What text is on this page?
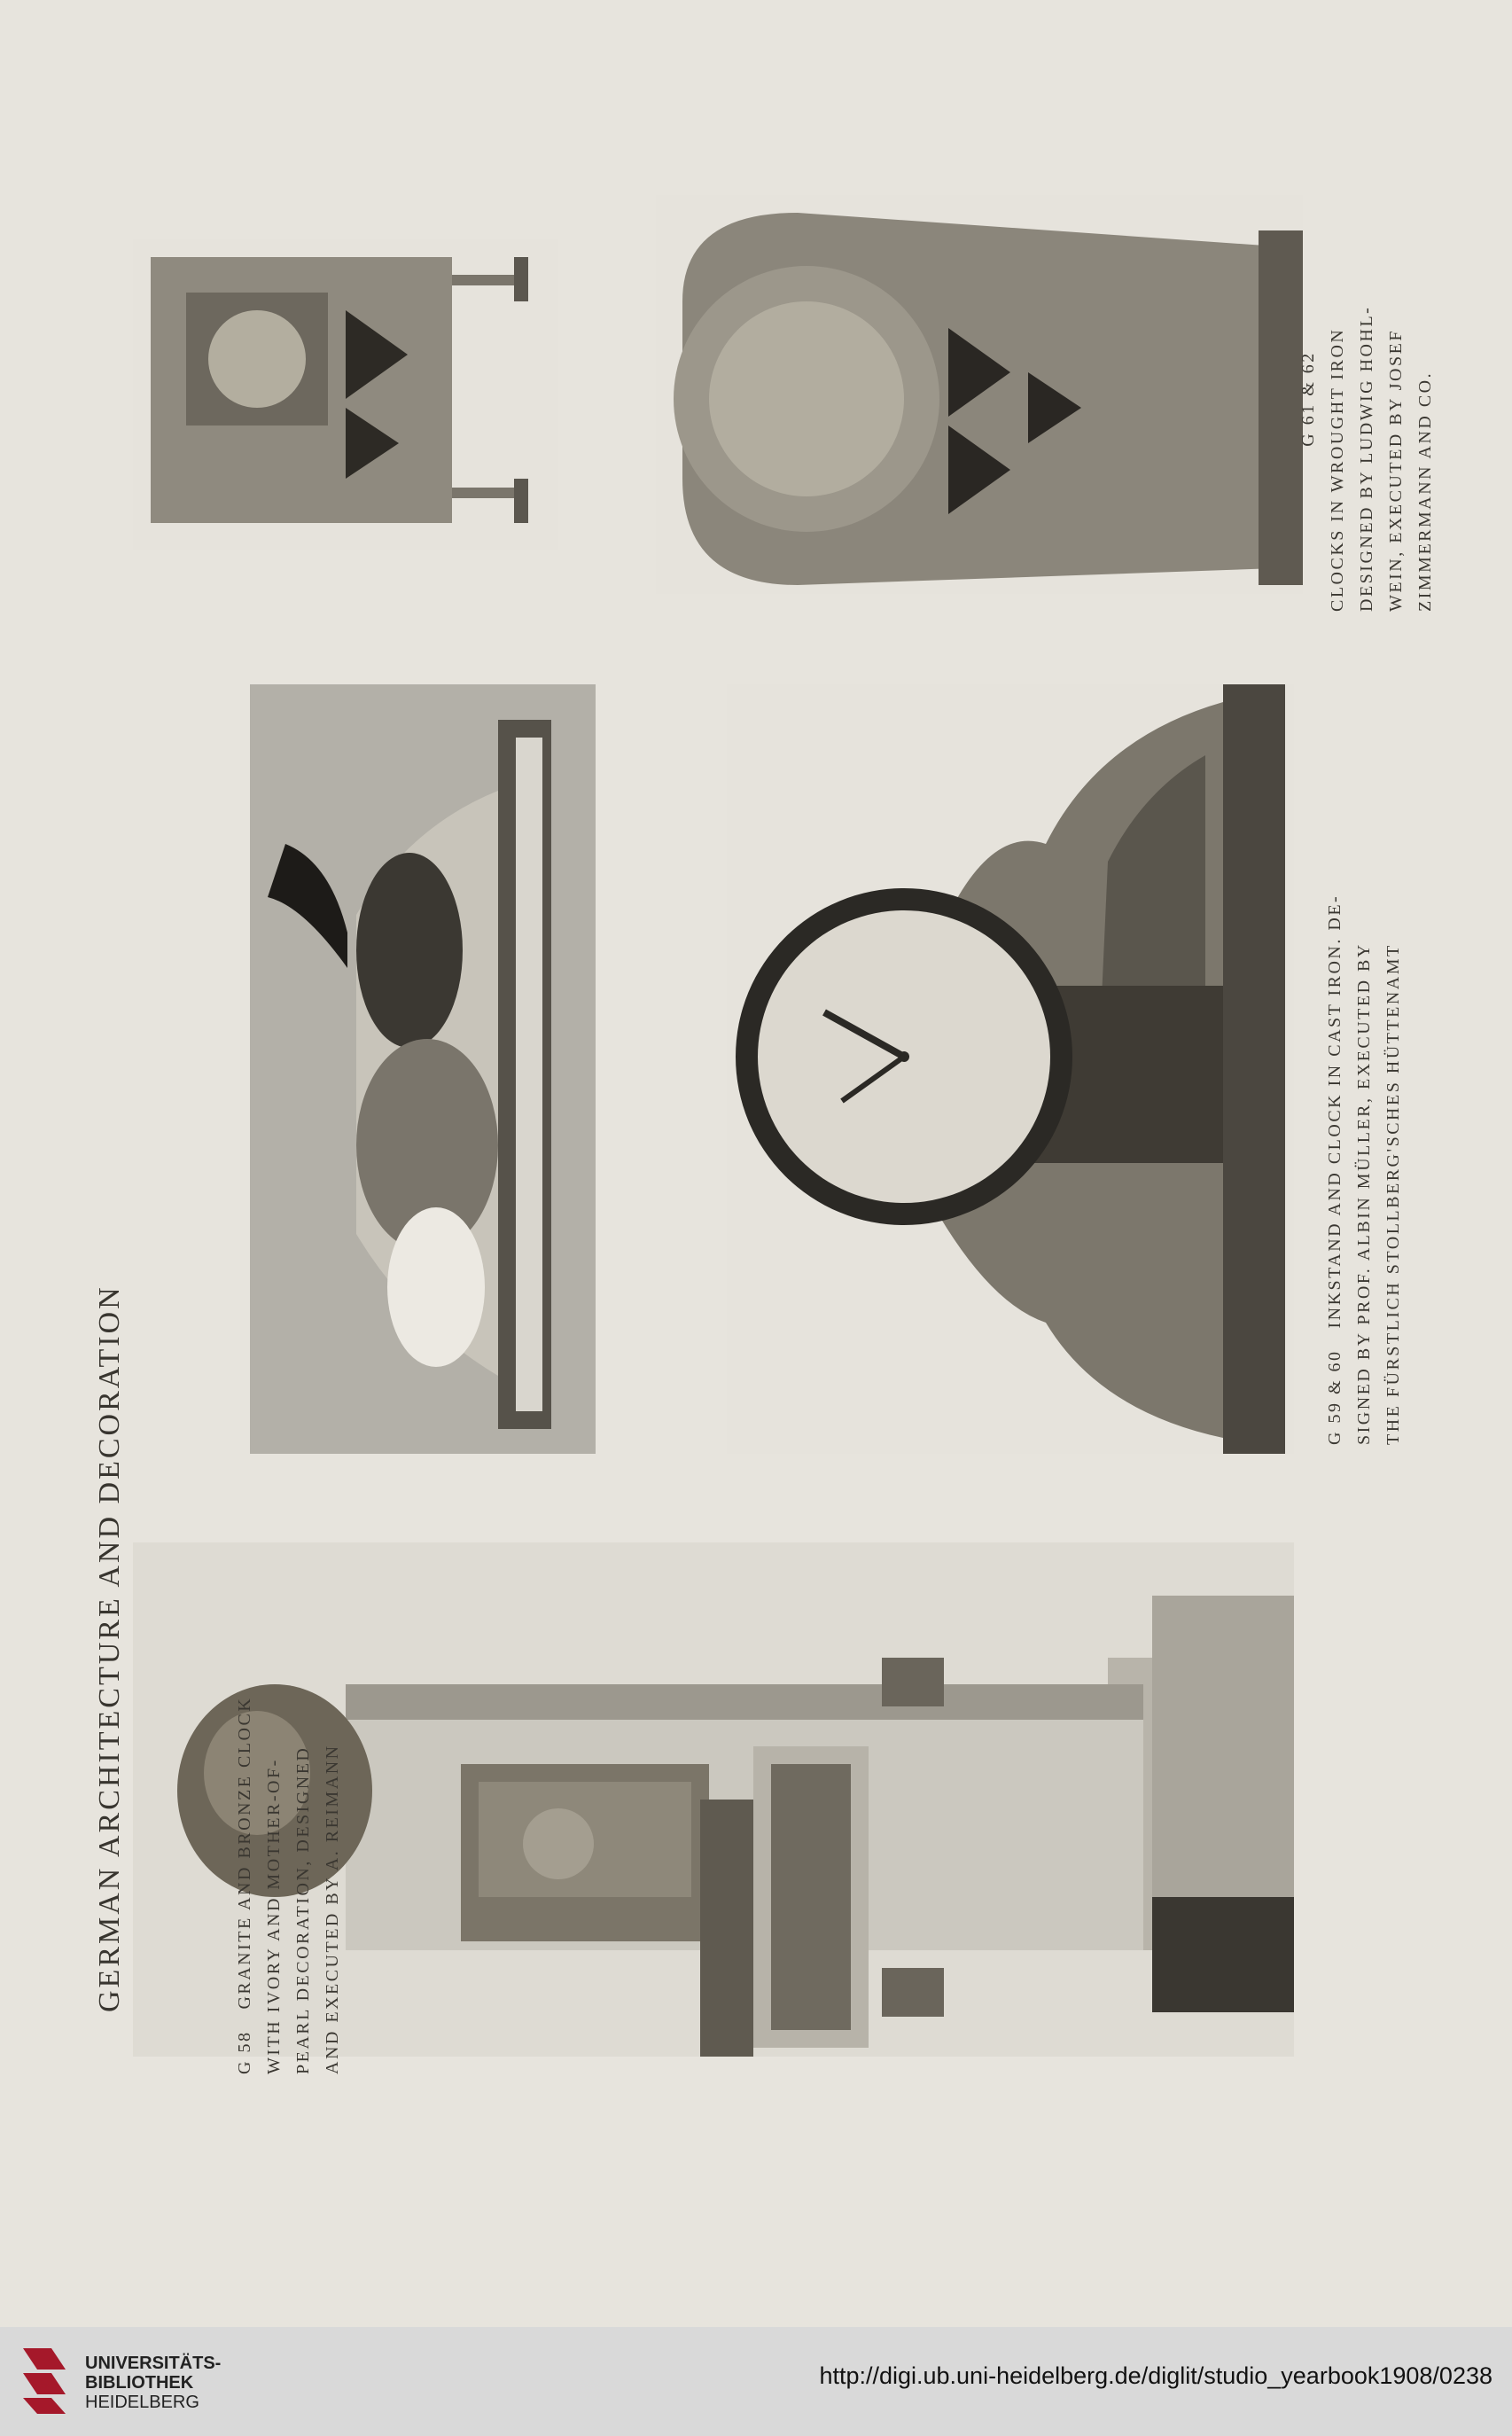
GERMAN ARCHITECTURE AND DECORATION

G 58GRANITE AND BRONZE CLOCK WITH IVORY AND MOTHER-OF- PEARL DECORATION, DESIGNED AND EXECUTED BY A. REIMANN

G 59 & 60INKSTAND AND CLOCK IN CAST IRON. DE- SIGNED BY PROF. ALBIN MÜLLER, EXECUTED BY THE FÜRSTLICH STOLLBERG'SCHES HÜTTENAMT

G 61 & 62 CLOCKS IN WROUGHT IRON DESIGNED BY LUDWIG HOHL- WEIN, EXECUTED BY JOSEF ZIMMERMANN AND CO.

UNIVERSITÄTS-
BIBLIOTHEK
HEIDELBERG
http://digi.ub.uni-heidelberg.de/diglit/studio_yearbook1908/0238
